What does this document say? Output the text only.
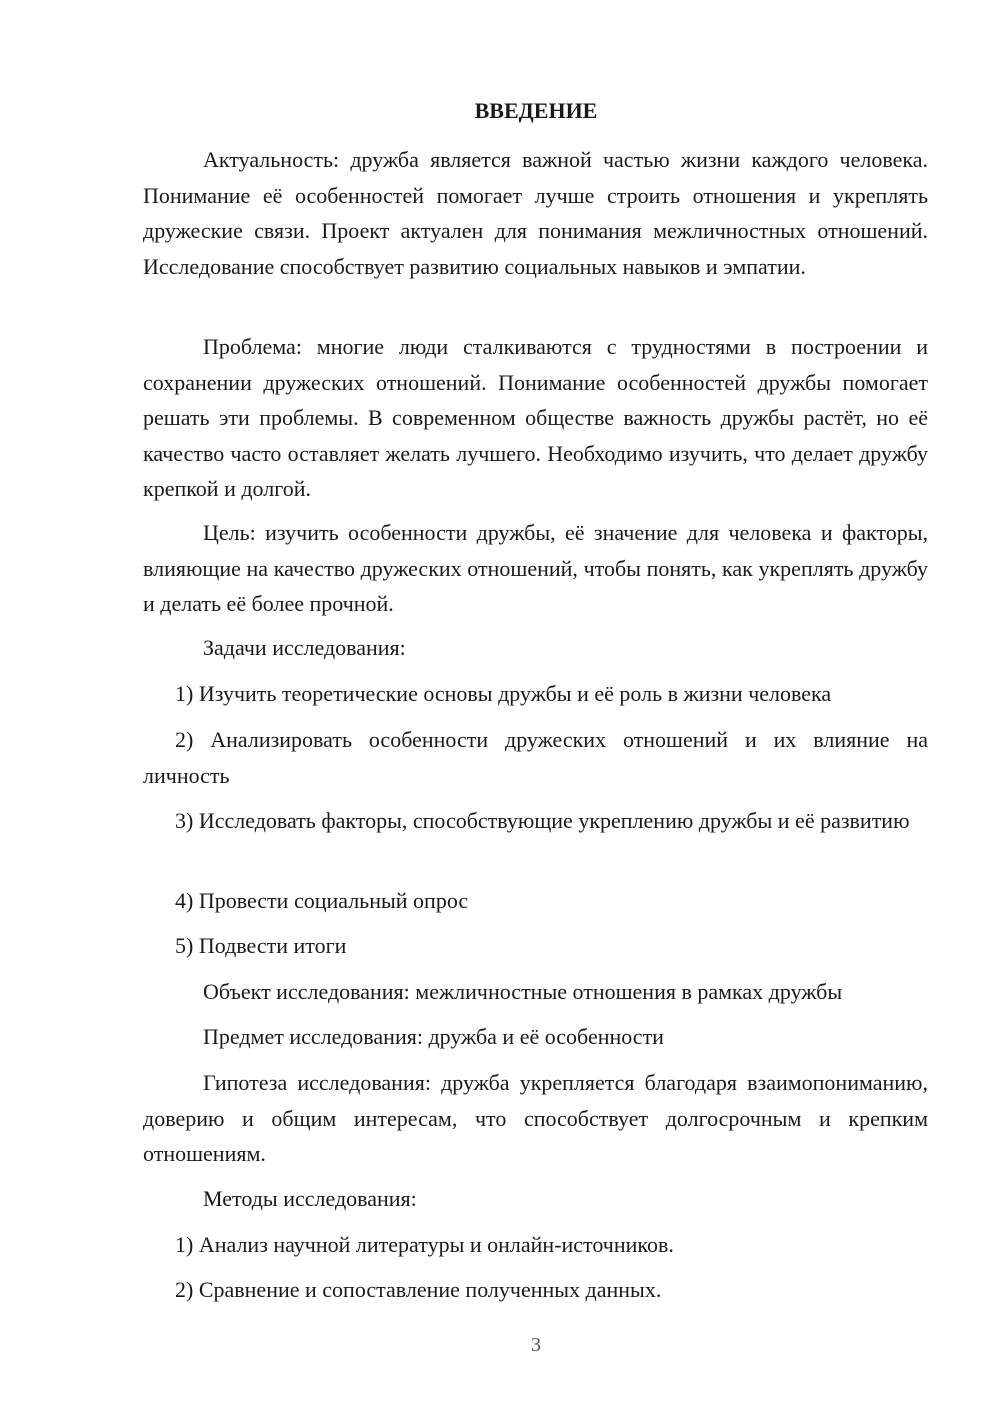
ВВЕДЕНИЕ

Актуальность: дружба является важной частью жизни каждого человека. Понимание её особенностей помогает лучше строить отношения и укреплять дружеские связи. Проект актуален для понимания межличностных отношений. Исследование способствует развитию социальных навыков и эмпатии.

Проблема: многие люди сталкиваются с трудностями в построении и сохранении дружеских отношений. Понимание особенностей дружбы помогает решать эти проблемы. В современном обществе важность дружбы растёт, но её качество часто оставляет желать лучшего. Необходимо изучить, что делает дружбу крепкой и долгой.

Цель: изучить особенности дружбы, её значение для человека и факторы, влияющие на качество дружеских отношений, чтобы понять, как укреплять дружбу и делать её более прочной.

Задачи исследования:

1) Изучить теоретические основы дружбы и её роль в жизни человека

2) Анализировать особенности дружеских отношений и их влияние на личность

3) Исследовать факторы, способствующие укреплению дружбы и её развитию

4) Провести социальный опрос

5) Подвести итоги

Объект исследования: межличностные отношения в рамках дружбы

Предмет исследования: дружба и её особенности

Гипотеза исследования: дружба укрепляется благодаря взаимопониманию, доверию и общим интересам, что способствует долгосрочным и крепким отношениям.

Методы исследования:

1) Анализ научной литературы и онлайн-источников.

2) Сравнение и сопоставление полученных данных.

3
